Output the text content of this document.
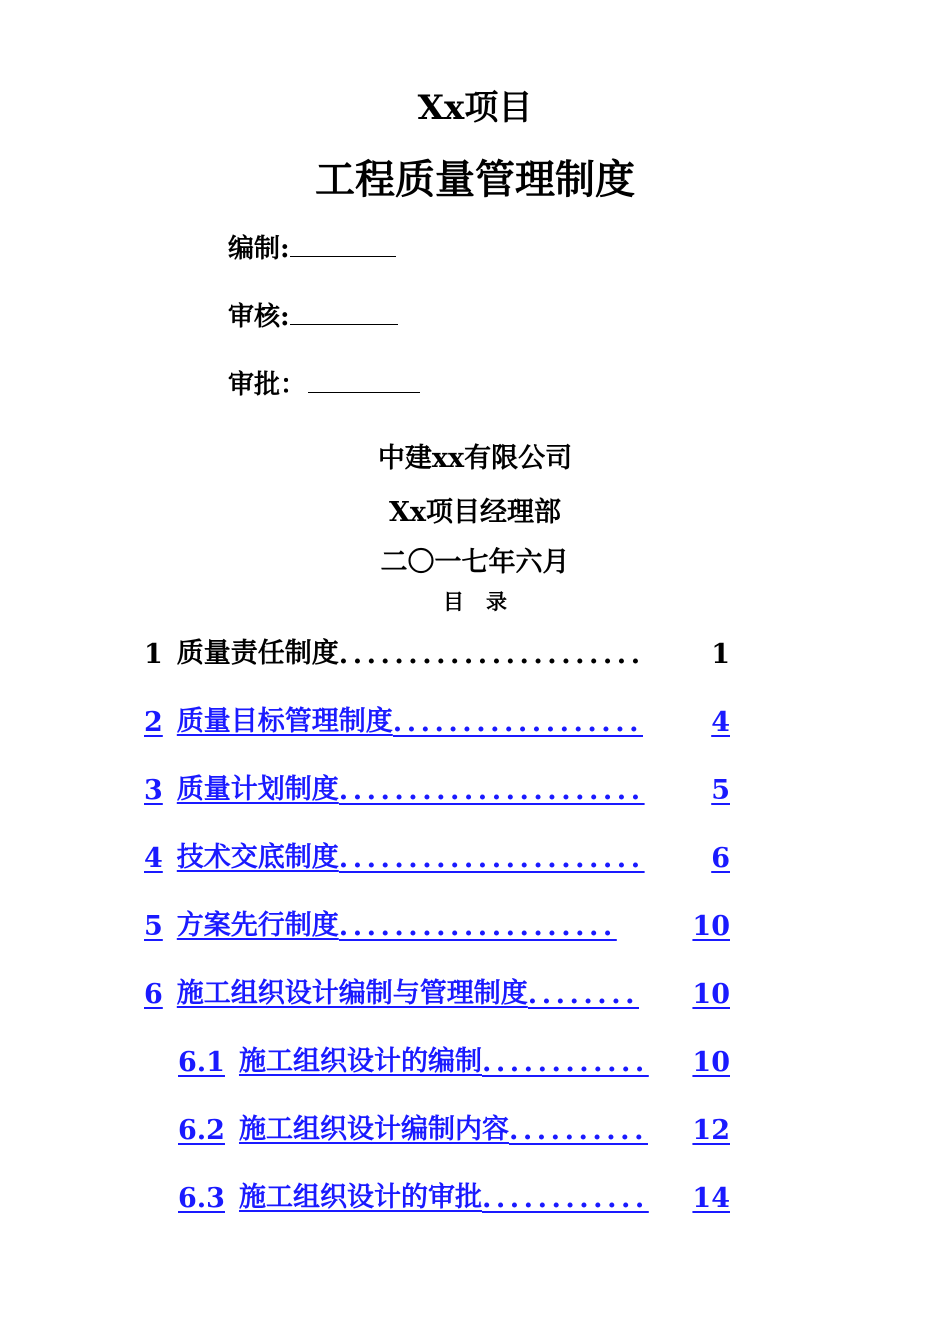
Xx项目
工程质量管理制度
编制:
审核:
审批：
中建xx有限公司
Xx项目经理部
二〇一七年六月
目录
1 质量责任制度 ......................	1
2 质量目标管理制度 ..................	4
3 质量计划制度 ......................	5
4 技术交底制度 ......................	6
5 方案先行制度 ....................	10
6 施工组织设计编制与管理制度 ........	10
6.1 施工组织设计的编制 ............	10
6.2 施工组织设计编制内容 ..........	12
6.3 施工组织设计的审批 ............	14
